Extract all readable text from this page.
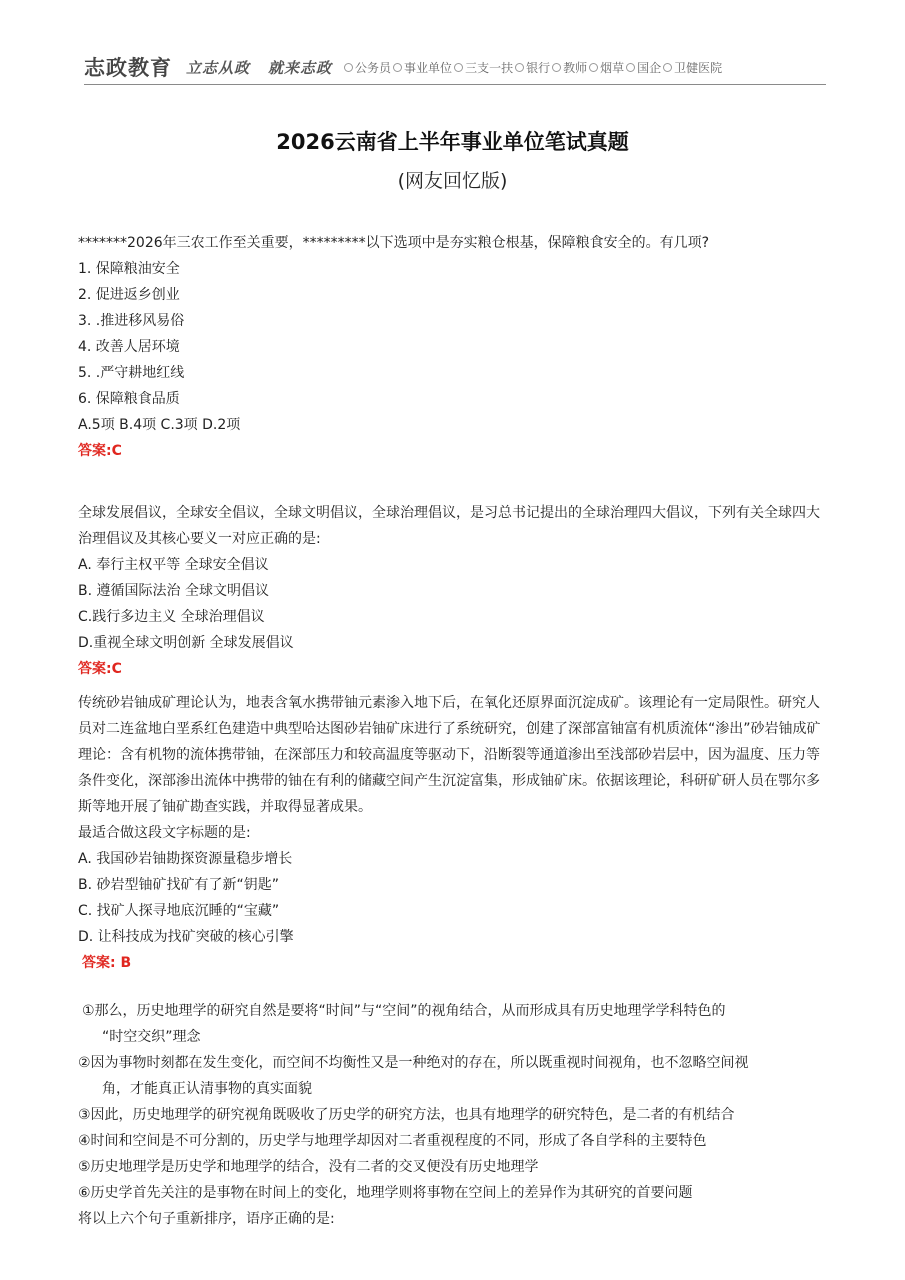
志政教育 立志从政 就来志政 公务员 事业单位 三支一扶 银行 教师 烟草 国企 卫健医院
2026云南省上半年事业单位笔试真题
(网友回忆版)
*******2026年三农工作至关重要，*********以下选项中是夯实粮仓根基，保障粮食安全的。有几项?
1. 保障粮油安全
2. 促进返乡创业
3. .推进移风易俗
4. 改善人居环境
5. .严守耕地红线
6. 保障粮食品质
A.5项 B.4项 C.3项 D.2项
答案:C
全球发展倡议，全球安全倡议，全球文明倡议，全球治理倡议，是习总书记提出的全球治理四大倡议，下列有关全球四大治理倡议及其核心要义一对应正确的是:
A. 奉行主权平等 全球安全倡议
B. 遵循国际法治 全球文明倡议
C.践行多边主义 全球治理倡议
D.重视全球文明创新 全球发展倡议
答案:C
传统砂岩铀成矿理论认为，地表含氧水携带铀元素渗入地下后，在氧化还原界面沉淀成矿。该理论有一定局限性。研究人员对二连盆地白垩系红色建造中典型哈达图砂岩铀矿床进行了系统研究，创建了深部富铀富有机质流体“渗出”砂岩铀成矿理论：含有机物的流体携带铀，在深部压力和较高温度等驱动下，沿断裂等通道渗出至浅部砂岩层中，因为温度、压力等条件变化，深部渗出流体中携带的铀在有利的储藏空间产生沉淀富集，形成铀矿床。依据该理论，科研矿研人员在鄂尔多斯等地开展了铀矿勘查实践，并取得显著成果。
最适合做这段文字标题的是:
A. 我国砂岩铀勘探资源量稳步增长
B. 砂岩型铀矿找矿有了新“钥匙”
C. 找矿人探寻地底沉睡的“宝藏”
D. 让科技成为找矿突破的核心引擎
答案: B
①那么，历史地理学的研究自然是要将“时间”与“空间”的视角结合，从而形成具有历史地理学学科特色的
“时空交织”理念
②因为事物时刻都在发生变化，而空间不均衡性又是一种绝对的存在，所以既重视时间视角，也不忽略空间视
角，才能真正认清事物的真实面貌
③因此，历史地理学的研究视角既吸收了历史学的研究方法，也具有地理学的研究特色，是二者的有机结合
④时间和空间是不可分割的，历史学与地理学却因对二者重视程度的不同，形成了各自学科的主要特色
⑤历史地理学是历史学和地理学的结合，没有二者的交叉便没有历史地理学
⑥历史学首先关注的是事物在时间上的变化，地理学则将事物在空间上的差异作为其研究的首要问题
将以上六个句子重新排序，语序正确的是:
